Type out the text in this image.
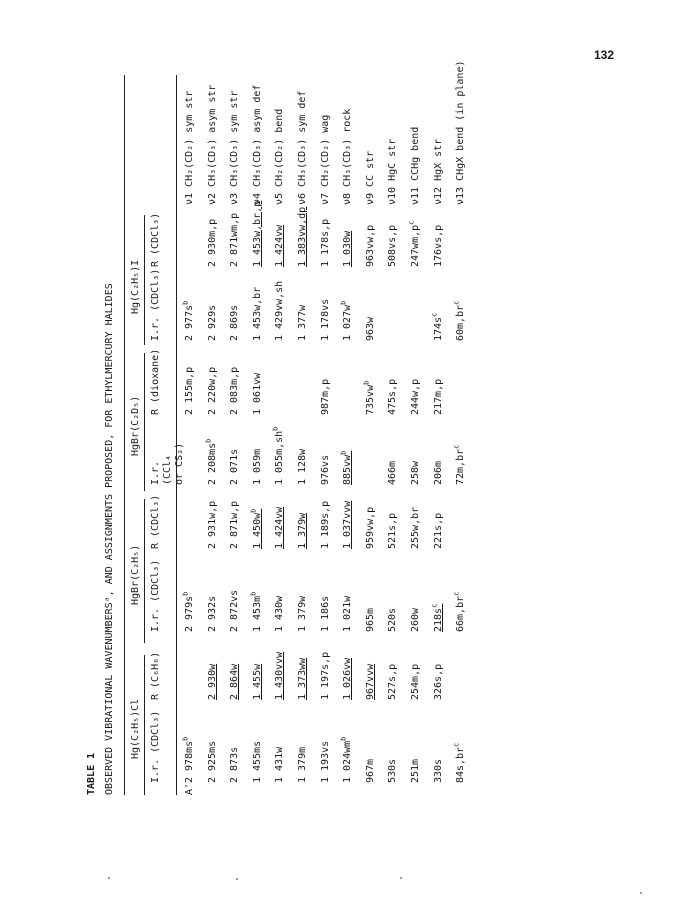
132
TABLE 1 OBSERVED VIBRATIONAL WAVENUMBERSᵃ, AND ASSIGNMENTS PROPOSED, FOR ETHYLMERCURY HALIDES Hg(C₂H₅)Cl
HgBr(C₂H₅)
HgBr(C₂D₅)
Hg(C₂H₅)I
I.r. (CDCl₃)
R (C₆H₆)
I.r. (CDCl₃)
R (CDCl₃)
I.r. (CCl₄ or CS₂)
R (dioxane)
I.r. (CDCl₃)
R (CDCl₃)
A'
2 $978ms^b$
2 $979s^b$
2 155m,p
2 $977s^b$
ν1 CH₂(CD₂) sym str
2 925ms
2 930w
2 932s
2 931w,p
2 $208ms^b$
2 220w,p
2 929s
2 930m,p
ν2 CH₃(CD₃) asym str
2 873s
2 864w
2 872vs
2 871w,p
2 071s
2 083m,p
2 869s
2 871wm,p
ν3 CH₃(CD₃) sym str
1 455ms
1 455w
1 $453m^b$
1 $450w^b$
1 059m
1 061vw
1 453w,br
1 453w,br,p
ν4 CH₃(CD₃) asym def
1 431w
1 430vvw
1 430w
1 424vw
1 $055m,sh^b$
1 429vw,sh
1 424vw
ν5 CH₂(CD₂) bend
1 379m
1 373ww
1 379w
1 379w
1 128w
1 377w
1 383vw,dp
ν6 CH₃(CD₃) sym def
1 193vs
1 197s,p
1 186s
1 189s,p
976vs
987m,p
1 178vs
1 178s,p
ν7 CH₂(CD₂) wag
1 $024wm^b$
1 026vw
1 021w
1 037vvw
$885vw^b$
1 $027w^b$
1 030w
ν8 CH₃(CD₃) rock
967m
967vvw
965m
959vw,p
$735vw^b$
963w
963vw,p
ν9 CC str
530s
527s,p
520s
521s,p
466m
475s,p
508vs,p
ν10 HgC str
251m
254m,p
260w
255w,br
258w
244w,p
$247wm,p^c$
ν11 CCHg bend
330s
326s,p
$218s^c$
221s,p
206m
217m,p
$174s^c$
176vs,p
ν12 HgX str
$84s,br^c$
$66m,br^c$
$72m,br^c$
$60m,br^c$
ν13 CHgX bend (in plane)
